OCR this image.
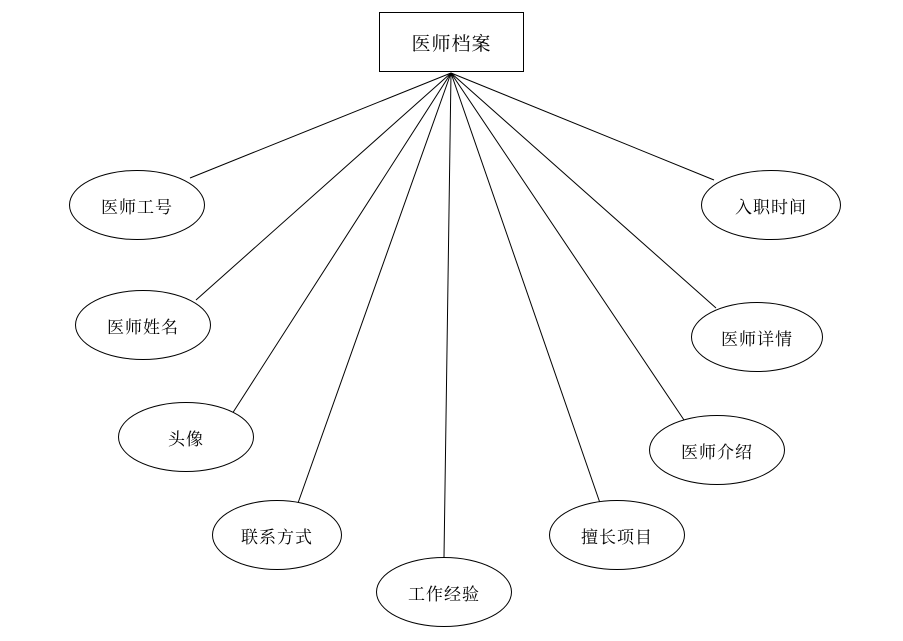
医师档案
医师工号	入职时间
医师姓名
医师详情
头像
医师介绍
联系方式	擅长项目
工作经验
